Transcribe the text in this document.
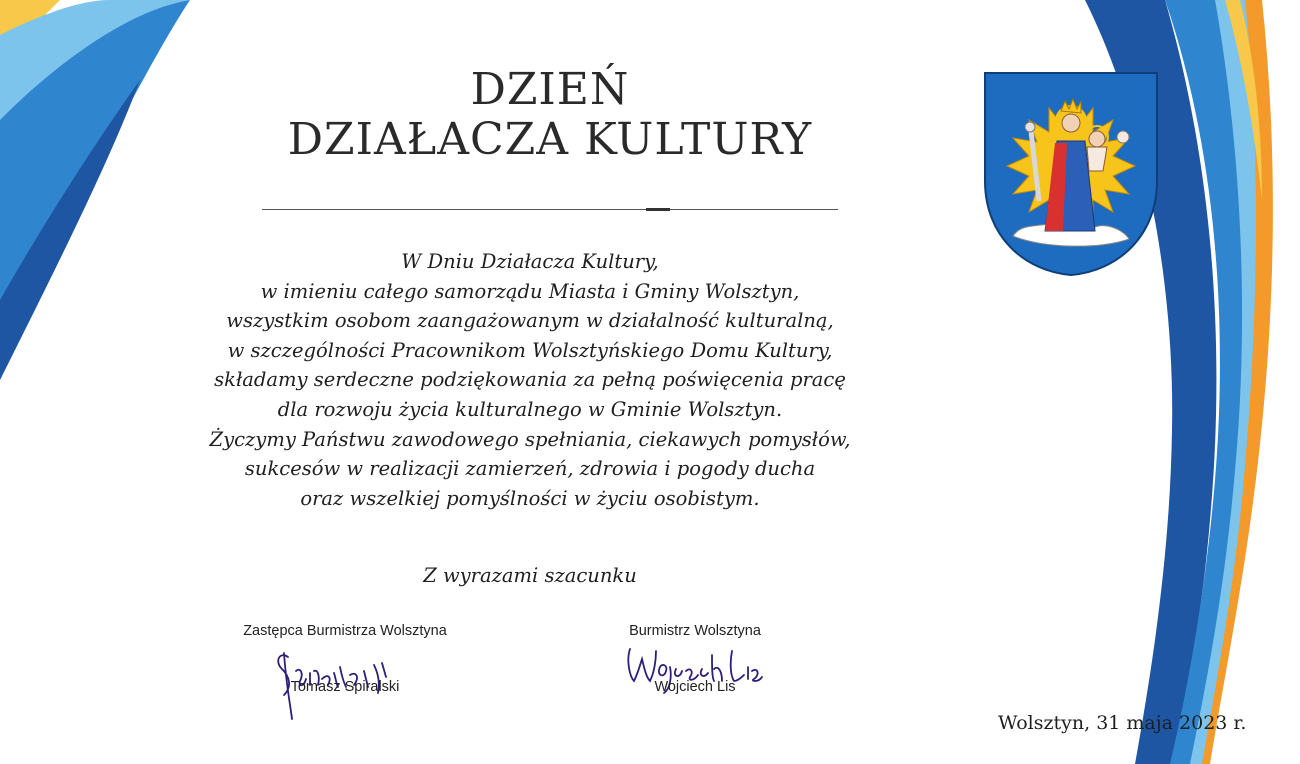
DZIEŃ
DZIAŁACZA KULTURY
W Dniu Działacza Kultury,
w imieniu całego samorządu Miasta i Gminy Wolsztyn,
wszystkim osobom zaangażowanym w działalność kulturalną,
w szczególności Pracownikom Wolsztyńskiego Domu Kultury,
składamy serdeczne podziękowania za pełną poświęcenia pracę
dla rozwoju życia kulturalnego w Gminie Wolsztyn.
Życzymy Państwu zawodowego spełniania, ciekawych pomysłów,
sukcesów w realizacji zamierzeń, zdrowia i pogody ducha
oraz wszelkiej pomyślności w życiu osobistym.
Z wyrazami szacunku
Zastępca Burmistrza Wolsztyna
Tomasz Spiralski
Burmistrz Wolsztyna
Wojciech Lis
Wolsztyn, 31 maja 2023 r.
